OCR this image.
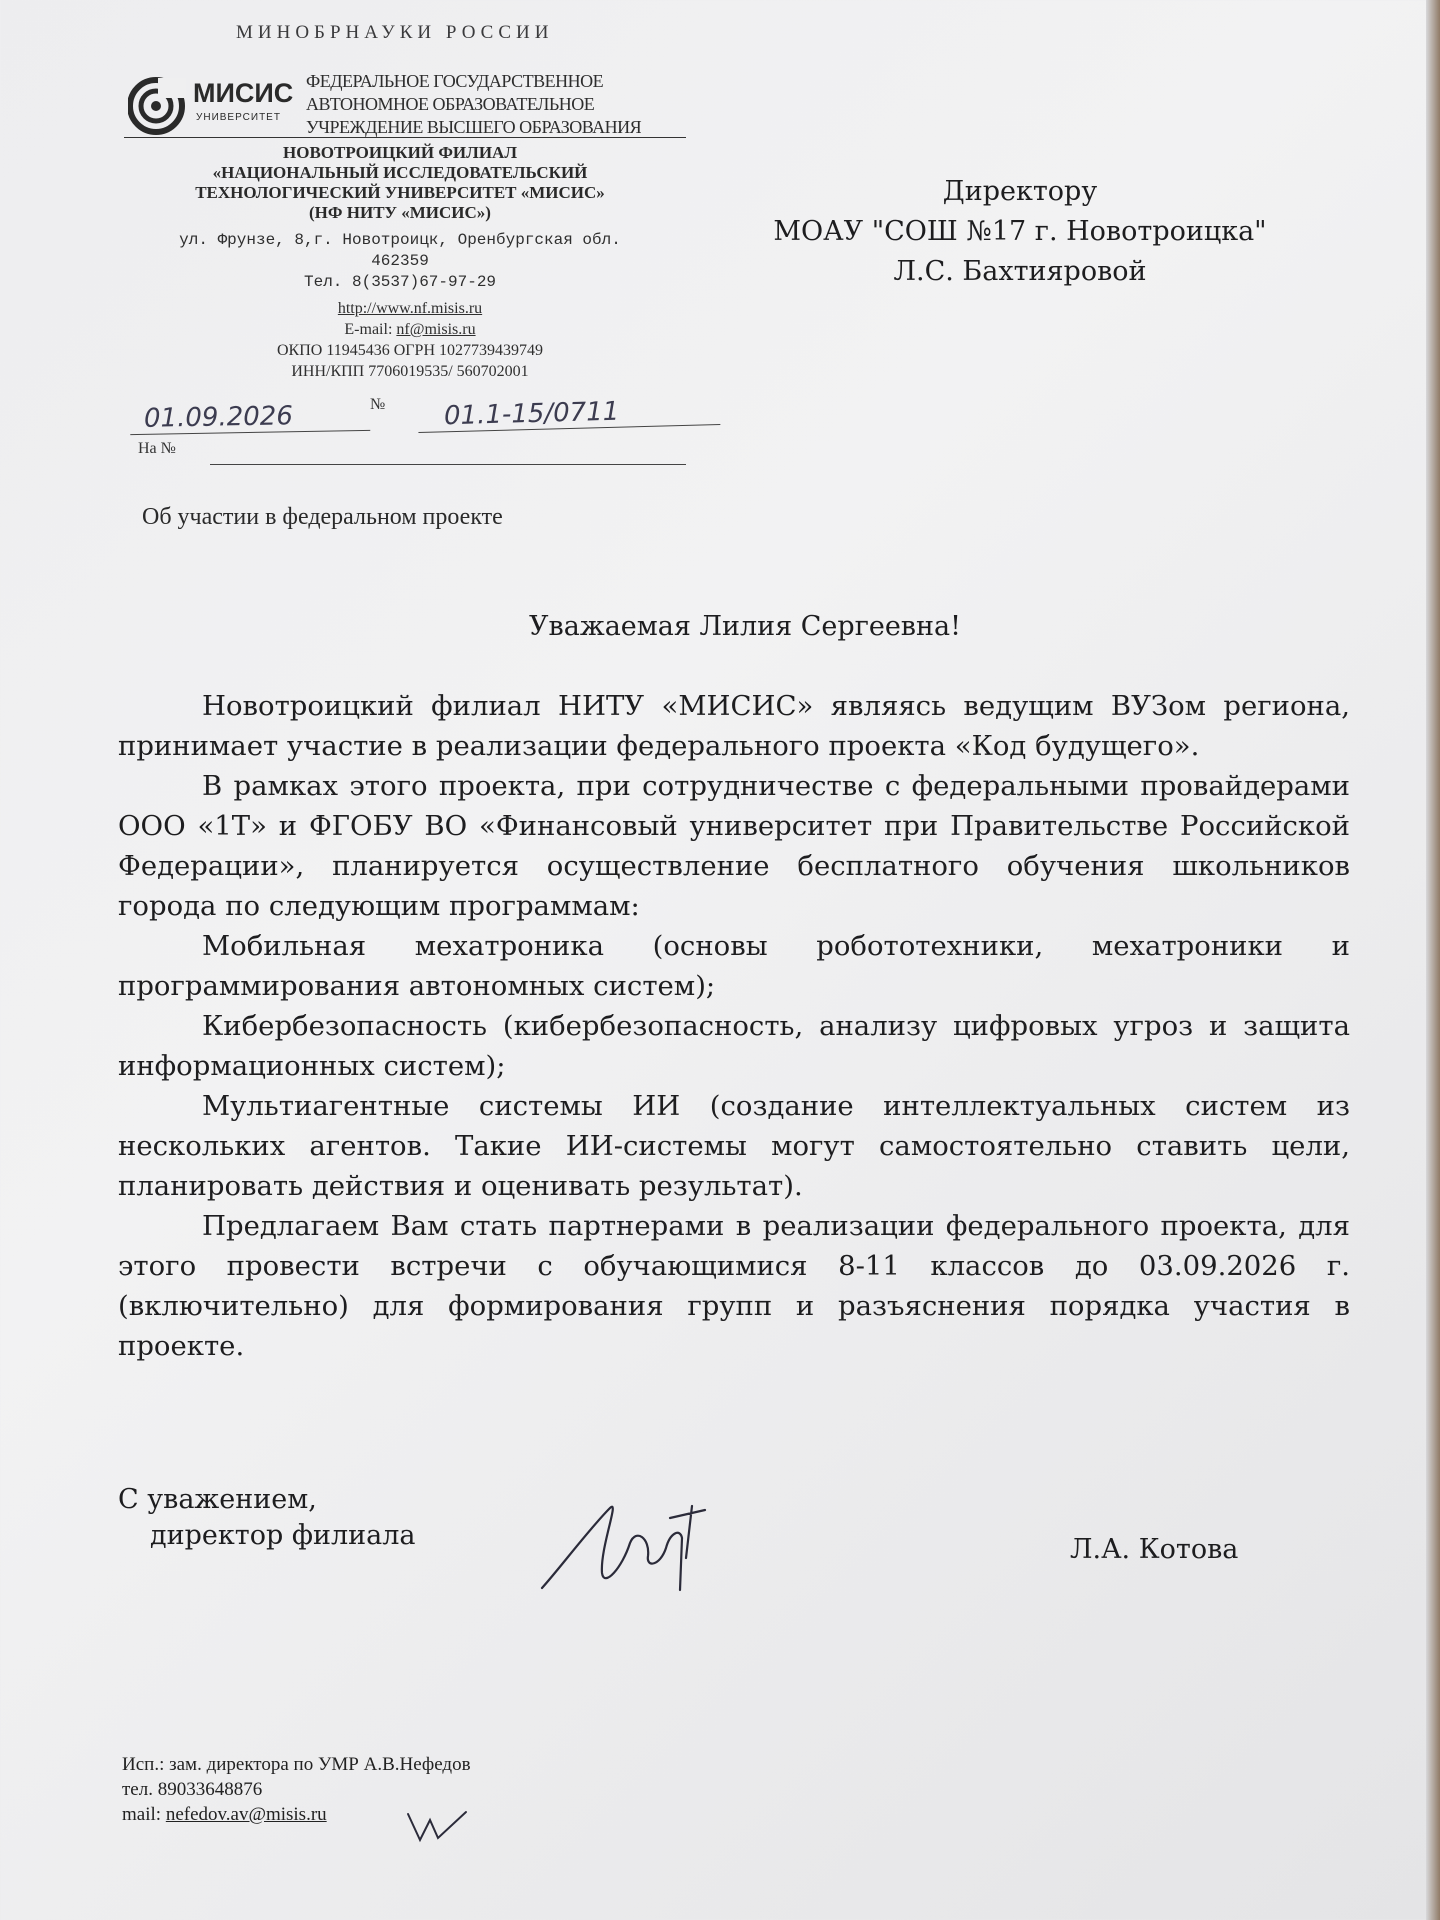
МИНОБРНАУКИ РОССИИ
МИСИС
УНИВЕРСИТЕТ
ФЕДЕРАЛЬНОЕ ГОСУДАРСТВЕННОЕ
АВТОНОМНОЕ ОБРАЗОВАТЕЛЬНОЕ
УЧРЕЖДЕНИЕ ВЫСШЕГО ОБРАЗОВАНИЯ
НОВОТРОИЦКИЙ ФИЛИАЛ
«НАЦИОНАЛЬНЫЙ ИССЛЕДОВАТЕЛЬСКИЙ
ТЕХНОЛОГИЧЕСКИЙ УНИВЕРСИТЕТ «МИСИС»
(НФ НИТУ «МИСИС»)
ул. Фрунзе, 8,г. Новотроицк, Оренбургская обл.
462359
Тел. 8(3537)67-97-29
http://www.nf.misis.ru
E-mail: nf@misis.ru
ОКПО 11945436 ОГРН 1027739439749
ИНН/КПП 7706019535/ 560702001
01.09.2026	№	01.1-15/0711
На №
Директору
МОАУ "СОШ №17 г. Новотроицка"
Л.С. Бахтияровой
Об участии в федеральном проекте
Уважаемая Лилия Сергеевна!

Новотроицкий филиал НИТУ «МИСИС» являясь ведущим ВУЗом региона, принимает участие в реализации федерального проекта «Код будущего».

В рамках этого проекта, при сотрудничестве с федеральными провайдерами ООО «1Т» и ФГОБУ ВО «Финансовый университет при Правительстве Российской Федерации», планируется осуществление бесплатного обучения школьников города по следующим программам:

Мобильная мехатроника (основы робототехники, мехатроники и программирования автономных систем);

Кибербезопасность (кибербезопасность, анализу цифровых угроз и защита информационных систем);

Мультиагентные системы ИИ (создание интеллектуальных систем из нескольких агентов. Такие ИИ-системы могут самостоятельно ставить цели, планировать действия и оценивать результат).

Предлагаем Вам стать партнерами в реализации федерального проекта, для этого провести встречи с обучающимися 8-11 классов до 03.09.2026 г. (включительно) для формирования групп и разъяснения порядка участия в проекте.

С уважением,
директор филиала	Л.А. Котова
Исп.: зам. директора по УМР А.В.Нефедов
тел. 89033648876
mail: nefedov.av@misis.ru
